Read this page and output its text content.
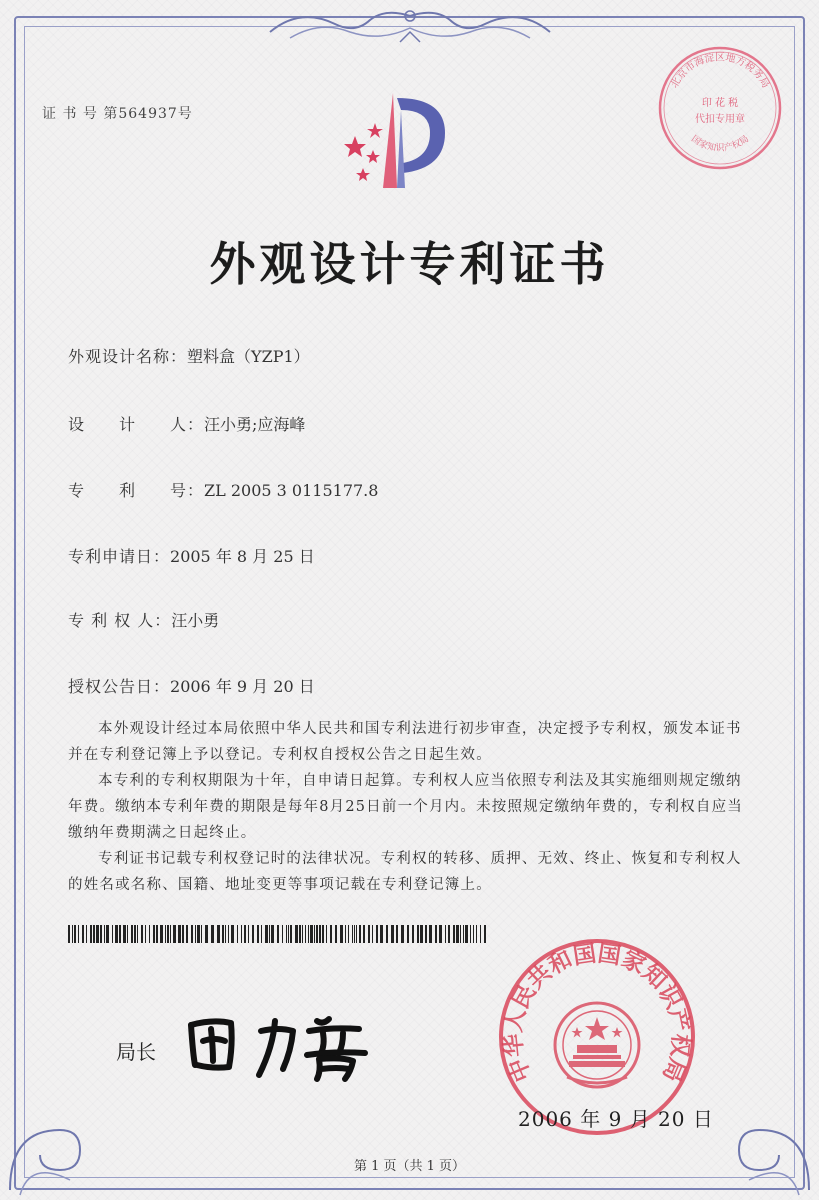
证 书 号 第564937号
北京市海淀区地方税务局
印 花 税
代扣专用章
国家知识产权局
外观设计专利证书
外观设计名称：塑料盒（YZP1）
设　　计　　人：汪小勇;应海峰
专　　利　　号：ZL 2005 3 0115177.8
专利申请日：2005 年 8 月 25 日
专 利 权 人：汪小勇
授权公告日：2006 年 9 月 20 日

本外观设计经过本局依照中华人民共和国专利法进行初步审查，决定授予专利权，颁发本证书并在专利登记簿上予以登记。专利权自授权公告之日起生效。

本专利的专利权期限为十年，自申请日起算。专利权人应当依照专利法及其实施细则规定缴纳年费。缴纳本专利年费的期限是每年8月25日前一个月内。未按照规定缴纳年费的，专利权自应当缴纳年费期满之日起终止。

专利证书记载专利权登记时的法律状况。专利权的转移、质押、无效、终止、恢复和专利权人的姓名或名称、国籍、地址变更等事项记载在专利登记簿上。

局长
中华人民共和国国家知识产权局
2006 年 9 月 20 日
第 1 页（共 1 页）
